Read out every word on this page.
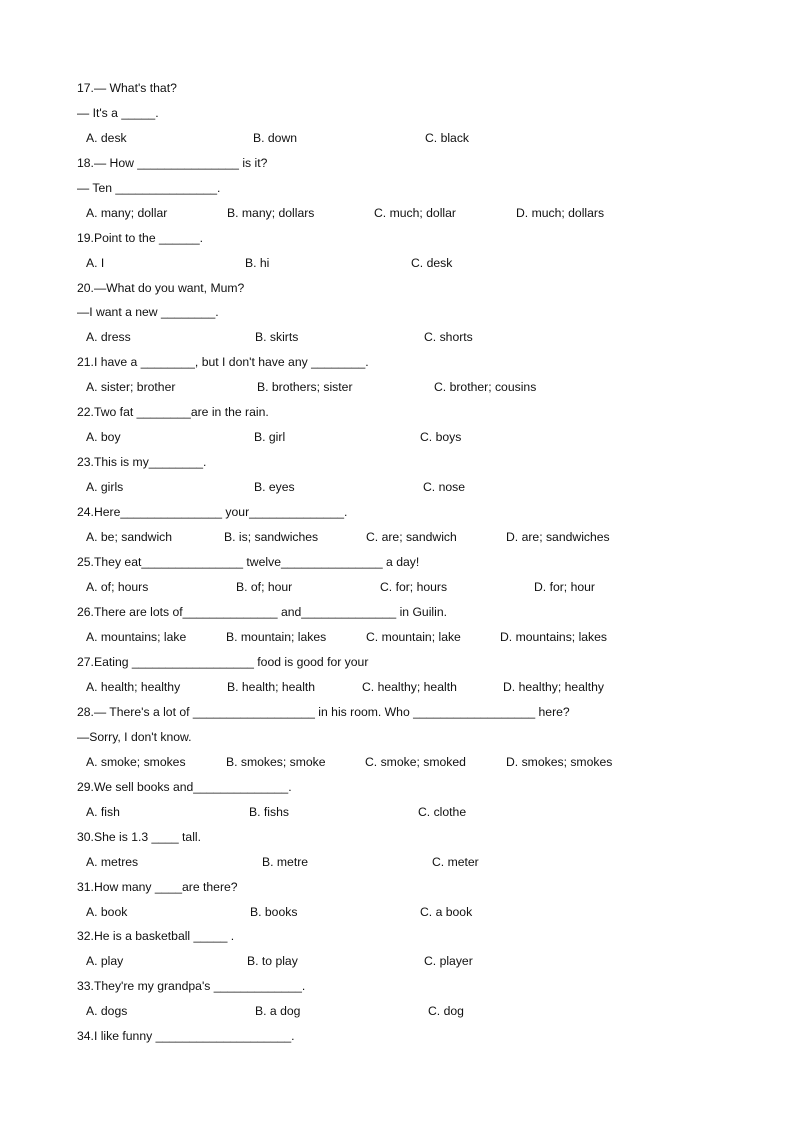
17.— What's that?
— It's a _____.
A. desk	B. down	C. black
18.— How _______________ is it?
— Ten _______________.
A. many; dollar	B. many; dollars	C. much; dollar	D. much; dollars
19.Point to the ______.
A. I	B. hi	C. desk
20.—What do you want, Mum?
—I want a new ________.
A. dress	B. skirts	C. shorts
21.I have a ________, but I don't have any ________.
A. sister; brother	B. brothers; sister	C. brother; cousins
22.Two fat ________are in the rain.
A. boy	B. girl	C. boys
23.This is my________.
A. girls	B. eyes	C. nose
24.Here_______________ your______________.
A. be; sandwich	B. is; sandwiches	C. are; sandwich	D. are; sandwiches
25.They eat_______________ twelve_______________ a day!
A. of; hours	B. of; hour	C. for; hours	D. for; hour
26.There are lots of______________ and______________ in Guilin.
A. mountains; lake	B. mountain; lakes	C. mountain; lake	D. mountains; lakes
27.Eating __________________ food is good for your
A. health; healthy	B. health; health	C. healthy; health	D. healthy; healthy
28.— There's a lot of __________________ in his room. Who __________________ here?
—Sorry, I don't know.
A. smoke; smokes	B. smokes; smoke	C. smoke; smoked	D. smokes; smokes
29.We sell books and______________.
A. fish	B. fishs	C. clothe
30.She is 1.3 ____ tall.
A. metres	B. metre	C. meter
31.How many ____are there?
A. book	B. books	C. a book
32.He is a basketball _____ .
A. play	B. to play	C. player
33.They're my grandpa's _____________.
A. dogs	B. a dog	C. dog
34.I like funny ____________________.
